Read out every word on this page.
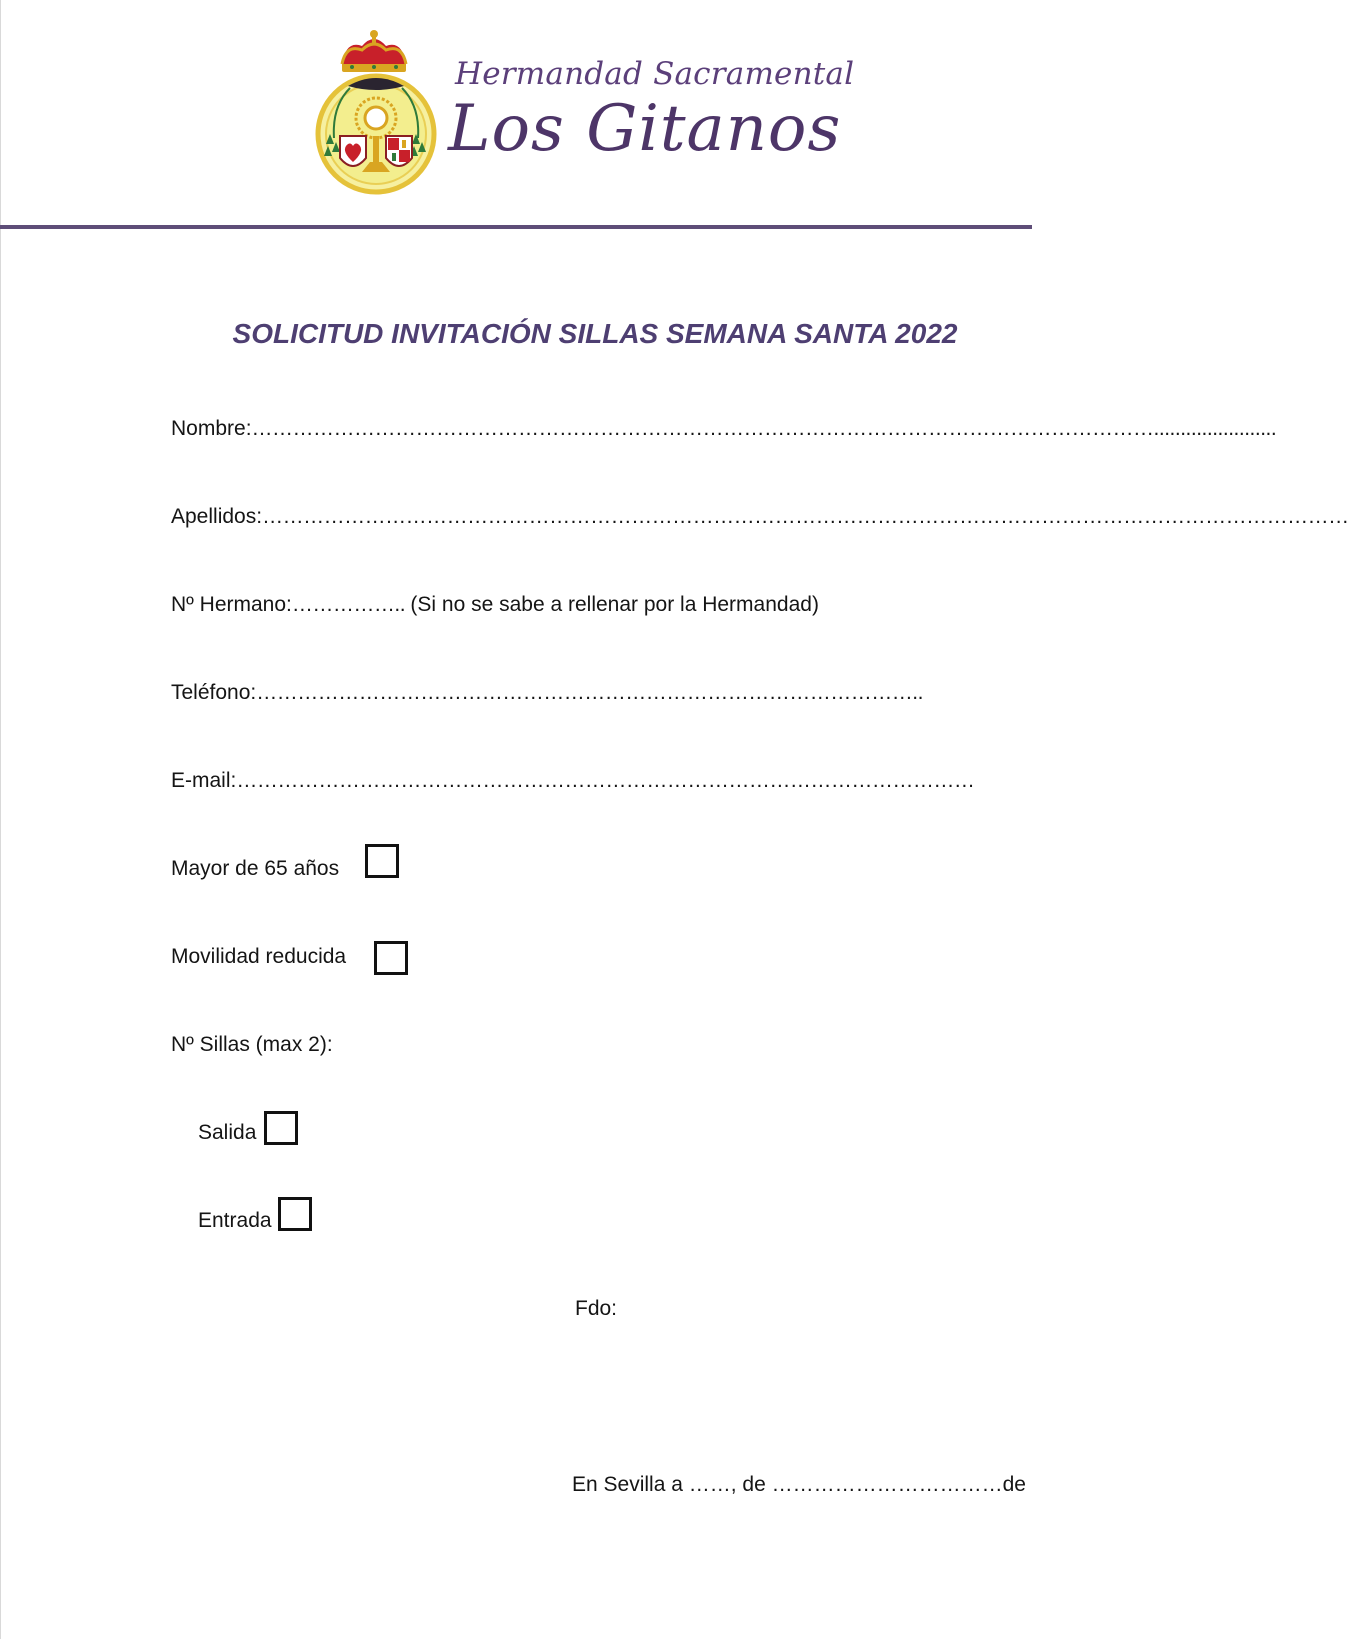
Hermandad Sacramental
Los Gitanos
SOLICITUD INVITACIÓN SILLAS SEMANA SANTA 2022
Nombre:…………………………………………………………………………………………………………………….......................
Apellidos:……………………………………………………………………………………………………………………………………………
Nº Hermano:…………….. (Si no se sabe a rellenar por la Hermandad)
Teléfono:……………………………………………………………………………………..
E-mail:………………………………………………………………………………………………
Mayor de 65 años
Movilidad reducida
Nº Sillas (max 2):
Salida
Entrada
Fdo:
En Sevilla a ……, de ……………………………de
